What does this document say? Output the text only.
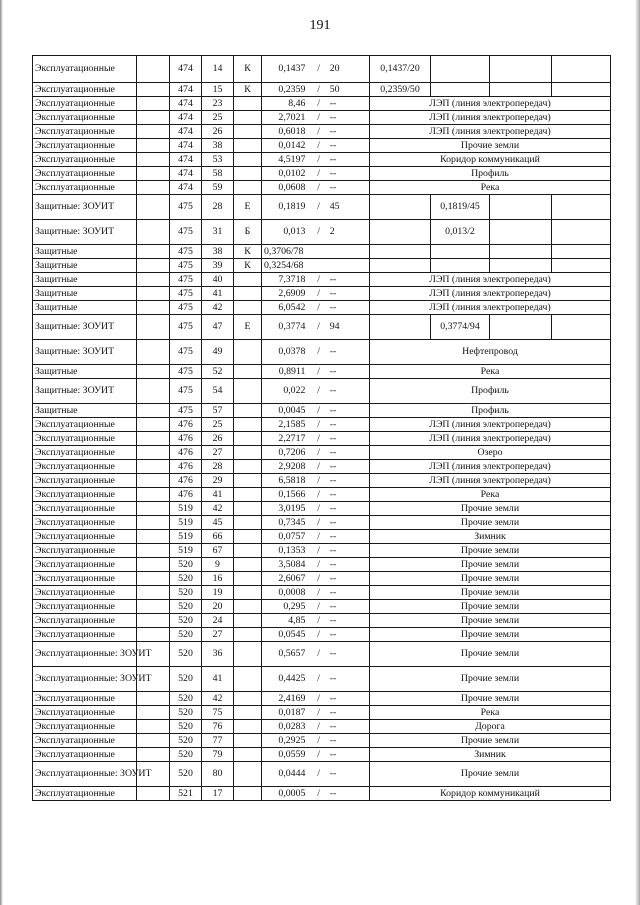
191
Эксплуатационные		474	14	К	0,1437 / 20	0,1437/20			
Эксплуатационные		474	15	К	0,2359 / 50	0,2359/50			
Эксплуатационные		474	23		8,46 / --	ЛЭП (линия электропередач)			
Эксплуатационные		474	25		2,7021 / --	ЛЭП (линия электропередач)			
Эксплуатационные		474	26		0,6018 / --	ЛЭП (линия электропередач)			
Эксплуатационные		474	38		0,0142 / --	Прочие земли			
Эксплуатационные		474	53		4,5197 / --	Коридор коммуникаций			
Эксплуатационные		474	58		0,0102 / --	Профиль			
Эксплуатационные		474	59		0,0608 / --	Река			
Защитные: ЗОУИТ		475	28	Е	0,1819 / 45		0,1819/45		
Защитные: ЗОУИТ		475	31	Б	0,013 / 2		0,013/2		
Защитные		475	38	К	0,3706/78				
Защитные		475	39	К	0,3254/68				
Защитные		475	40		7,3718 / --	ЛЭП (линия электропередач)			
Защитные		475	41		2,6909 / --	ЛЭП (линия электропередач)			
Защитные		475	42		6,0542 / --	ЛЭП (линия электропередач)			
Защитные: ЗОУИТ		475	47	Е	0,3774 / 94		0,3774/94		
Защитные: ЗОУИТ		475	49		0,0378 / --	Нефтепровод			
Защитные		475	52		0,8911 / --	Река			
Защитные: ЗОУИТ		475	54		0,022 / --	Профиль			
Защитные		475	57		0,0045 / --	Профиль			
Эксплуатационные		476	25		2,1585 / --	ЛЭП (линия электропередач)			
Эксплуатационные		476	26		2,2717 / --	ЛЭП (линия электропередач)			
Эксплуатационные		476	27		0,7206 / --	Озеро			
Эксплуатационные		476	28		2,9208 / --	ЛЭП (линия электропередач)			
Эксплуатационные		476	29		6,5818 / --	ЛЭП (линия электропередач)			
Эксплуатационные		476	41		0,1566 / --	Река			
Эксплуатационные		519	42		3,0195 / --	Прочие земли			
Эксплуатационные		519	45		0,7345 / --	Прочие земли			
Эксплуатационные		519	66		0,0757 / --	Зимник			
Эксплуатационные		519	67		0,1353 / --	Прочие земли			
Эксплуатационные		520	9		3,5084 / --	Прочие земли			
Эксплуатационные		520	16		2,6067 / --	Прочие земли			
Эксплуатационные		520	19		0,0008 / --	Прочие земли			
Эксплуатационные		520	20		0,295 / --	Прочие земли			
Эксплуатационные		520	24		4,85 / --	Прочие земли			
Эксплуатационные		520	27		0,0545 / --	Прочие земли			
Эксплуатационные: ЗОУИТ		520	36		0,5657 / --	Прочие земли			
Эксплуатационные: ЗОУИТ		520	41		0,4425 / --	Прочие земли			
Эксплуатационные		520	42		2,4169 / --	Прочие земли			
Эксплуатационные		520	75		0,0187 / --	Река			
Эксплуатационные		520	76		0,0283 / --	Дорога			
Эксплуатационные		520	77		0,2925 / --	Прочие земли			
Эксплуатационные		520	79		0,0559 / --	Зимник			
Эксплуатационные: ЗОУИТ		520	80		0,0444 / --	Прочие земли			
Эксплуатационные		521	17		0,0005 / --	Коридор коммуникаций			
